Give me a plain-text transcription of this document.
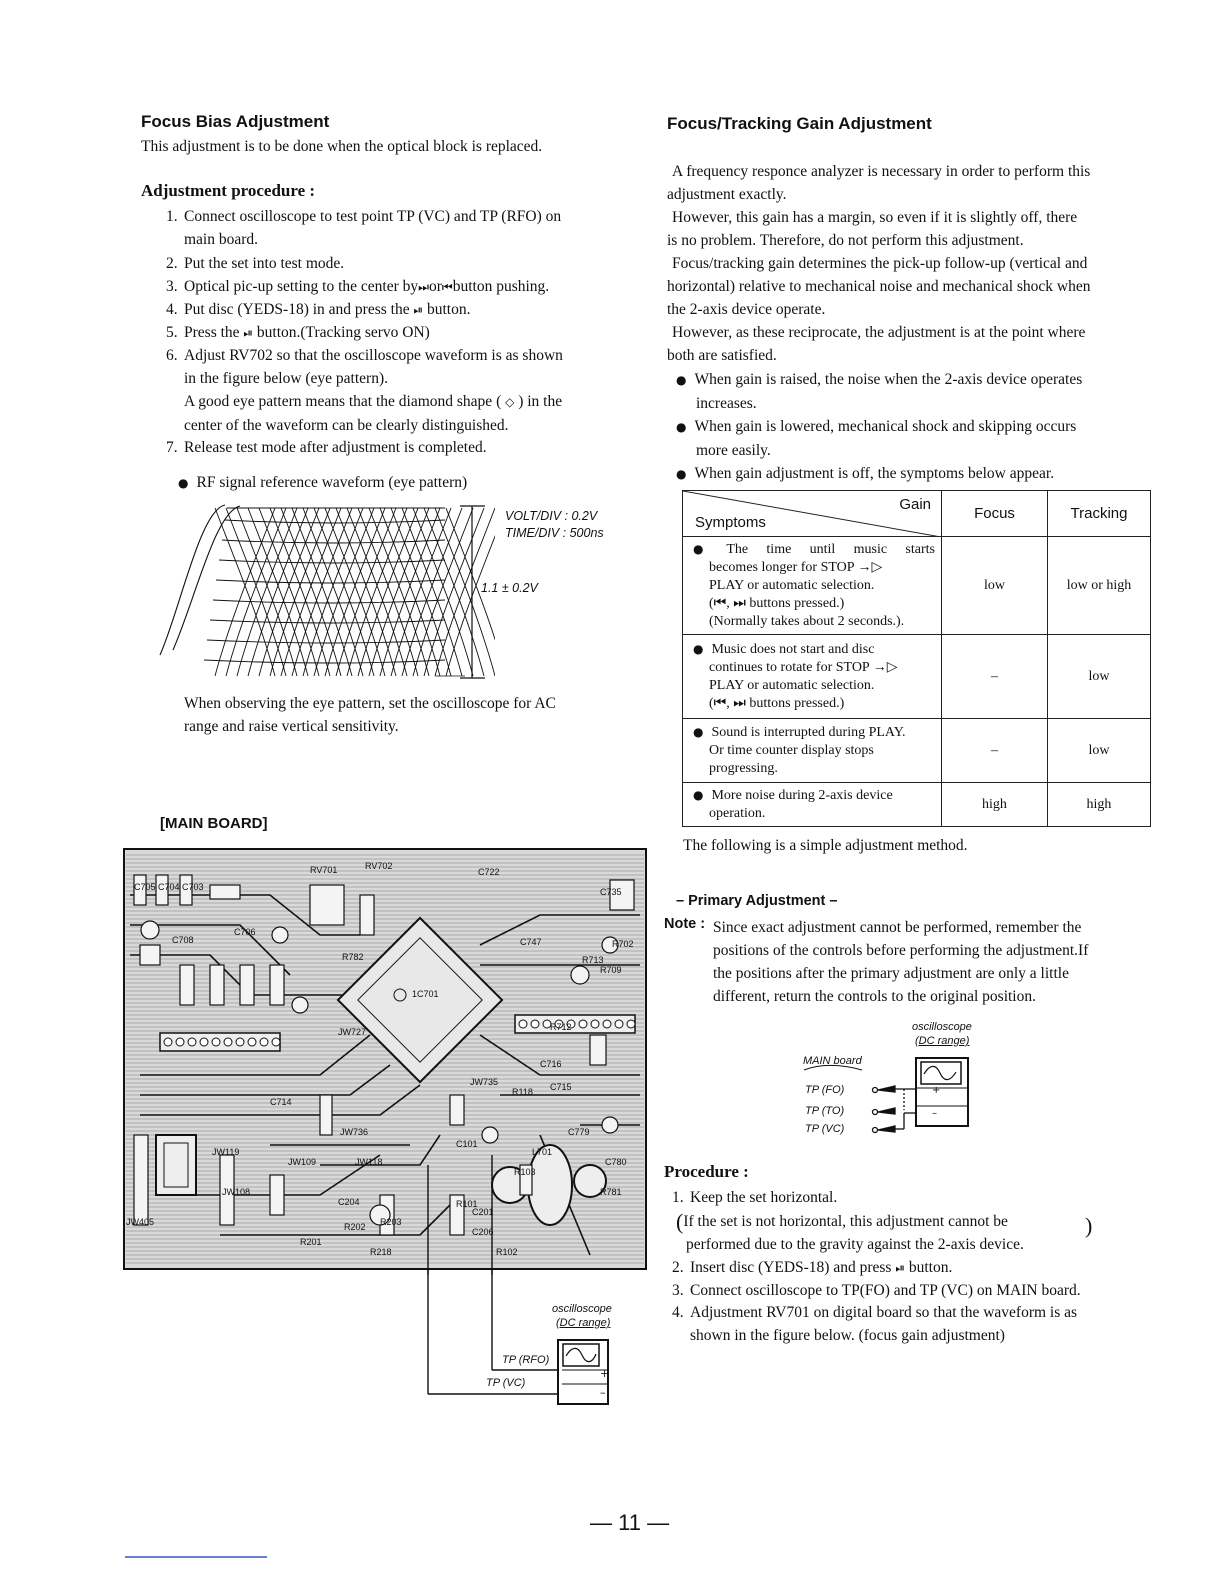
Focus Bias Adjustment
This adjustment is to be done when the optical block is replaced.
Adjustment procedure :
1. Connect oscilloscope to test point TP (VC) and TP (RFO) on
main board.
2. Put the set into test mode.
3. Optical pic-up setting to the center by⏭or⏮button pushing.
4. Put disc (YEDS-18) in and press the ⏯ button.
5. Press the ⏯ button.(Tracking servo ON)
6. Adjust RV702 so that the oscilloscope waveform is as shown
in the figure below (eye pattern).
A good eye pattern means that the diamond shape ( ◇ ) in the
center of the waveform can be clearly distinguished.
7. Release test mode after adjustment is completed.
● RF signal reference waveform (eye pattern)
VOLT/DIV : 0.2V
TIME/DIV : 500ns
1.1 ± 0.2V
When observing the eye pattern, set the oscilloscope for AC
range and raise vertical sensitivity.
[MAIN BOARD]
RV701	RV702
1C701
C705 C704 C703
C706
C708	R702
R709
R713
R712
C716
C715
C714
C747
C722
C735
C779
C780
R781
R782
JW727
JW735
JW736
JW118
JW119
JW108
JW109
C204
R202 R203
R201
R218
C201
C206
R101
R102
R103
R118
C101
L701
JW405
oscilloscope
(DC range)
TP (RFO)
TP (VC)
+
–
Focus/Tracking Gain Adjustment
A frequency responce analyzer is necessary in order to perform this
adjustment exactly.
However, this gain has a margin, so even if it is slightly off, there
is no problem. Therefore, do not perform this adjustment.
Focus/tracking gain determines the pick-up follow-up (vertical and
horizontal) relative to mechanical noise and mechanical shock when
the 2-axis device operate.
However, as these reciprocate, the adjustment is at the point where
both are satisfied.
● When gain is raised, the noise when the 2-axis device operates
increases.
● When gain is lowered, mechanical shock and skipping occurs
more easily.
● When gain adjustment is off, the symptoms below appear.
Gain
Symptoms	Focus	Tracking

● The time until music starts
becomes longer for STOP →▷
PLAY or automatic selection.
(⏮, ⏭ buttons pressed.)
(Normally takes about 2 seconds.).	low	low or high

● Music does not start and disc
continues to rotate for STOP →▷
PLAY or automatic selection.
(⏮, ⏭ buttons pressed.)	–	low

● Sound is interrupted during PLAY.
Or time counter display stops
progressing.	–	low

● More noise during 2-axis device
operation.	high	high
The following is a simple adjustment method.
– Primary Adjustment –
Note : Since exact adjustment cannot be performed, remember the
positions of the controls before performing the adjustment.If
the positions after the primary adjustment are only a little
different, return the controls to the original position.
oscilloscope
(DC range)
MAIN board
TP (FO)
TP (TO)
TP (VC)
+
–
Procedure :
1. Keep the set horizontal.
(If the set is not horizontal, this adjustment cannot be
performed due to the gravity against the 2-axis device.
)
2. Insert disc (YEDS-18) and press ⏯ button.
3. Connect oscilloscope to TP(FO) and TP (VC) on MAIN board.
4. Adjustment RV701 on digital board so that the waveform is as
shown in the figure below. (focus gain adjustment)
— 11 —
